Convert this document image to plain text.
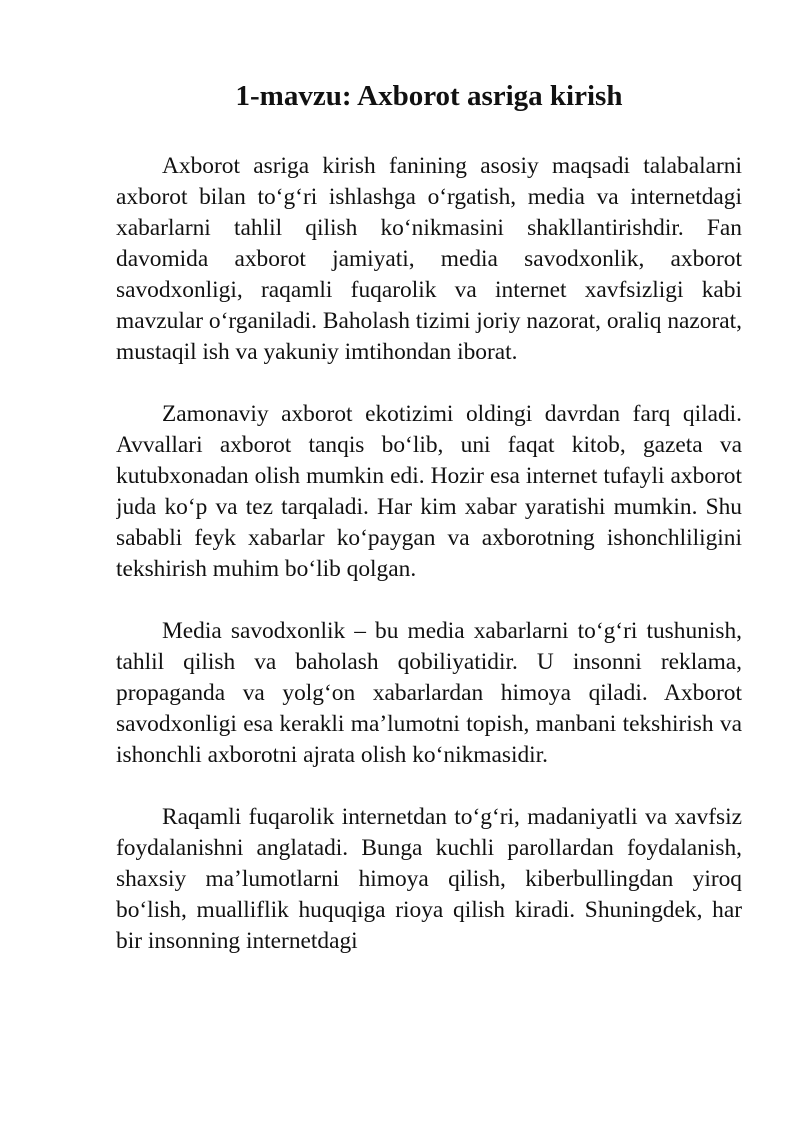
1-mavzu: Axborot asriga kirish

Axborot asriga kirish fanining asosiy maqsadi talabalarni axborot bilan to‘g‘ri ishlashga o‘rgatish, media va internetdagi xabarlarni tahlil qilish ko‘nikmasini shakllantirishdir. Fan davomida axborot jamiyati, media savodxonlik, axborot savodxonligi, raqamli fuqarolik va internet xavfsizligi kabi mavzular o‘rganiladi. Baholash tizimi joriy nazorat, oraliq nazorat, mustaqil ish va yakuniy imtihondan iborat.

Zamonaviy axborot ekotizimi oldingi davrdan farq qiladi. Avvallari axborot tanqis bo‘lib, uni faqat kitob, gazeta va kutubxonadan olish mumkin edi. Hozir esa internet tufayli axborot juda ko‘p va tez tarqaladi. Har kim xabar yaratishi mumkin. Shu sababli feyk xabarlar ko‘paygan va axborotning ishonchliligini tekshirish muhim bo‘lib qolgan.

Media savodxonlik – bu media xabarlarni to‘g‘ri tushunish, tahlil qilish va baholash qobiliyatidir. U insonni reklama, propaganda va yolg‘on xabarlardan himoya qiladi. Axborot savodxonligi esa kerakli ma’lumotni topish, manbani tekshirish va ishonchli axborotni ajrata olish ko‘nikmasidir.

Raqamli fuqarolik internetdan to‘g‘ri, madaniyatli va xavfsiz foydalanishni anglatadi. Bunga kuchli parollardan foydalanish, shaxsiy ma’lumotlarni himoya qilish, kiberbullingdan yiroq bo‘lish, mualliflik huquqiga rioya qilish kiradi. Shuningdek, har bir insonning internetdagi
